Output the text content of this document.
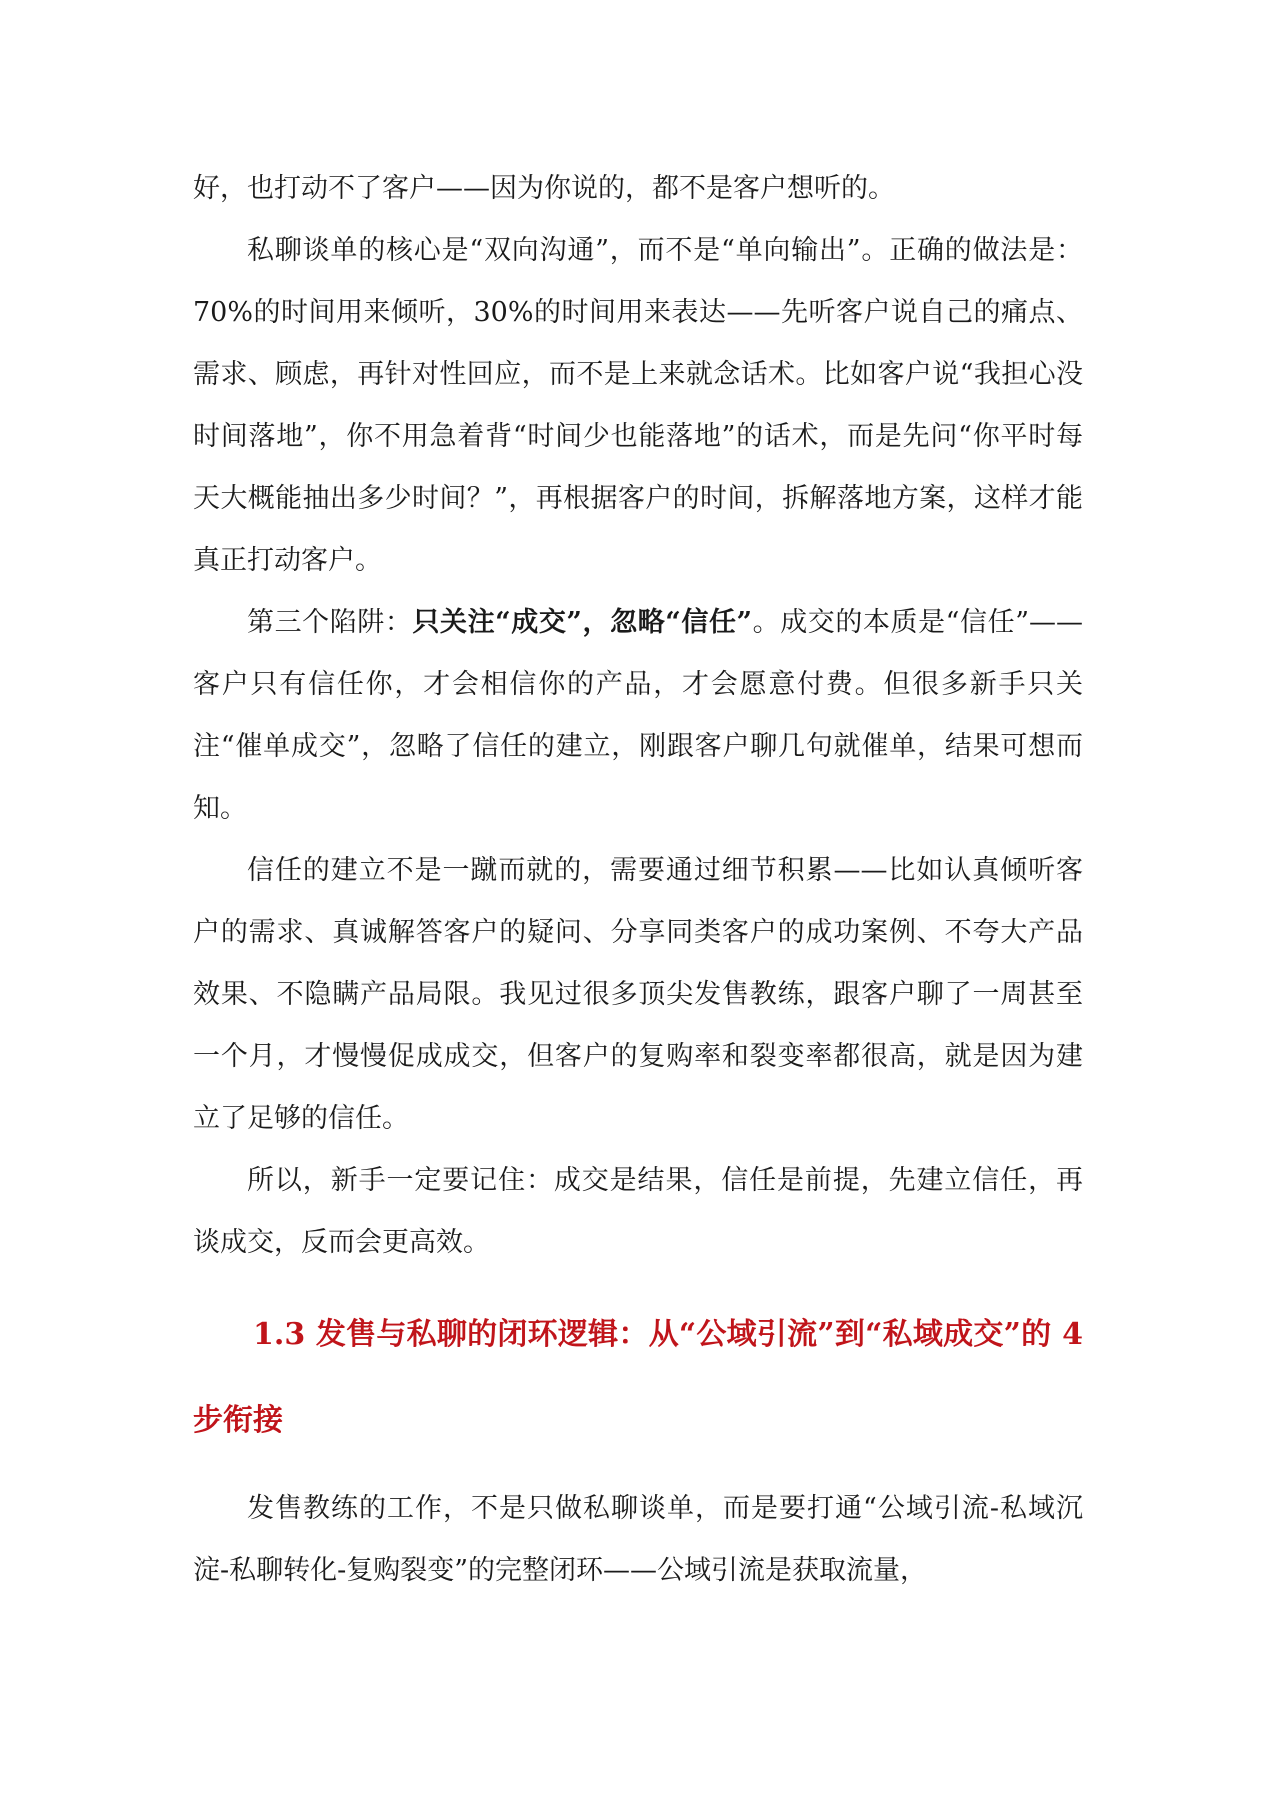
好，也打动不了客户——因为你说的，都不是客户想听的。

私聊谈单的核心是“双向沟通”，而不是“单向输出”。正确的做法是：70%的时间用来倾听，30%的时间用来表达——先听客户说自己的痛点、需求、顾虑，再针对性回应，而不是上来就念话术。比如客户说“我担心没时间落地”，你不用急着背“时间少也能落地”的话术，而是先问“你平时每天大概能抽出多少时间？”，再根据客户的时间，拆解落地方案，这样才能真正打动客户。

第三个陷阱：只关注“成交”，忽略“信任”。成交的本质是“信任”——客户只有信任你，才会相信你的产品，才会愿意付费。但很多新手只关注“催单成交”，忽略了信任的建立，刚跟客户聊几句就催单，结果可想而知。

信任的建立不是一蹴而就的，需要通过细节积累——比如认真倾听客户的需求、真诚解答客户的疑问、分享同类客户的成功案例、不夸大产品效果、不隐瞒产品局限。我见过很多顶尖发售教练，跟客户聊了一周甚至一个月，才慢慢促成成交，但客户的复购率和裂变率都很高，就是因为建立了足够的信任。

所以，新手一定要记住：成交是结果，信任是前提，先建立信任，再谈成交，反而会更高效。

1.3 发售与私聊的闭环逻辑：从“公域引流”到“私域成交”的 4 步衔接

发售教练的工作，不是只做私聊谈单，而是要打通“公域引流-私域沉淀-私聊转化-复购裂变”的完整闭环——公域引流是获取流量，
